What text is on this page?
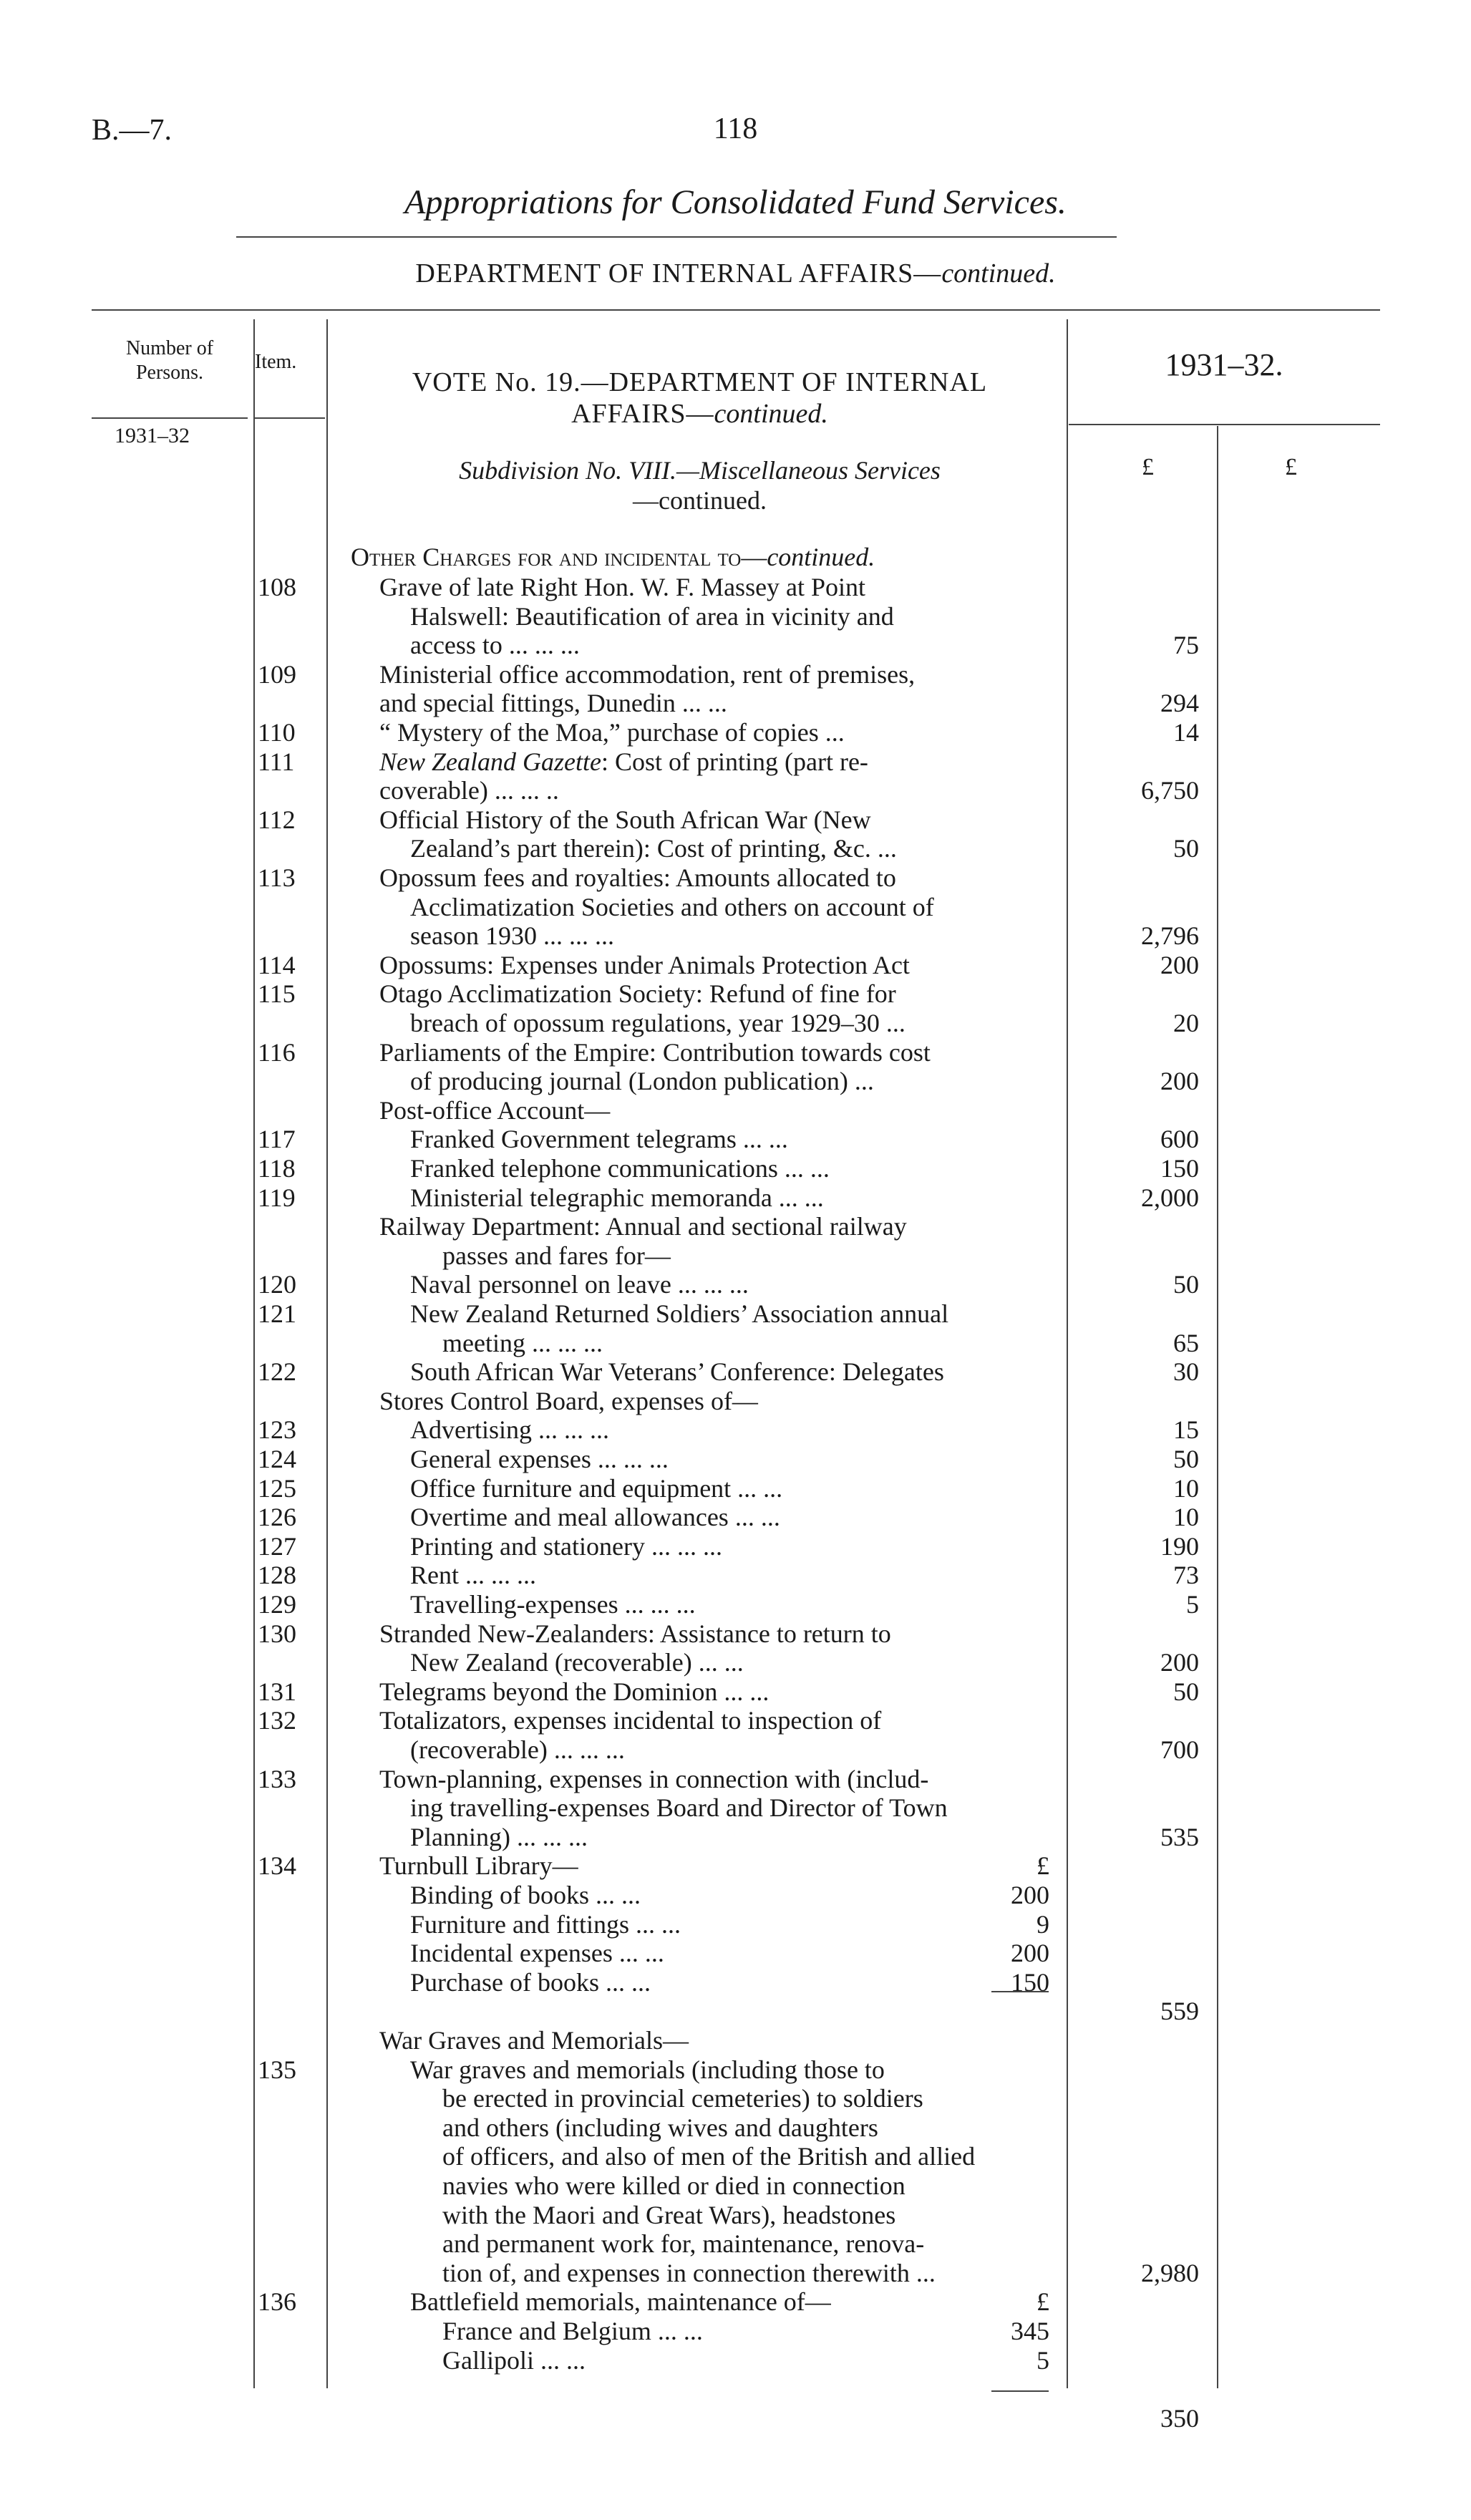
B.—7.	118
Appropriations for Consolidated Fund Services.
DEPARTMENT OF INTERNAL AFFAIRS—continued.
Number of Persons.	Item.
VOTE No. 19.—DEPARTMENT OF INTERNAL
AFFAIRS—continued.
1931–32.
1931–32
£	£
Subdivision No. VIII.—Miscellaneous Services
—continued.
Other Charges for and incidental to—continued.
108	Grave of late Right Hon. W. F. Massey at Point
Halswell: Beautification of area in vicinity and
access to ... ... ...	75
109	Ministerial office accommodation, rent of premises,
and special fittings, Dunedin ... ...	294
110	“ Mystery of the Moa,” purchase of copies ...	14
111	New Zealand Gazette: Cost of printing (part re-
coverable) ... ... ..	6,750
112	Official History of the South African War (New
Zealand’s part therein): Cost of printing, &c. ...	50
113	Opossum fees and royalties: Amounts allocated to
Acclimatization Societies and others on account of
season 1930 ... ... ...	2,796
114	Opossums: Expenses under Animals Protection Act	200
115	Otago Acclimatization Society: Refund of fine for
breach of opossum regulations, year 1929–30 ...	20
116	Parliaments of the Empire: Contribution towards cost
of producing journal (London publication) ...	200
Post-office Account—
117	Franked Government telegrams ... ...	600
118	Franked telephone communications ... ...	150
119	Ministerial telegraphic memoranda ... ...	2,000
Railway Department: Annual and sectional railway
passes and fares for—
120	Naval personnel on leave ... ... ...	50
121	New Zealand Returned Soldiers’ Association annual
meeting ... ... ...	65
122	South African War Veterans’ Conference: Delegates	30
Stores Control Board, expenses of—
123	Advertising ... ... ...	15
124	General expenses ... ... ...	50
125	Office furniture and equipment ... ...	10
126	Overtime and meal allowances ... ...	10
127	Printing and stationery ... ... ...	190
128	Rent ... ... ...	73
129	Travelling-expenses ... ... ...	5
130	Stranded New-Zealanders: Assistance to return to
New Zealand (recoverable) ... ...	200
131	Telegrams beyond the Dominion ... ...	50
132	Totalizators, expenses incidental to inspection of
(recoverable) ... ... ...	700
133	Town-planning, expenses in connection with (includ-
ing travelling-expenses Board and Director of Town
Planning) ... ... ...	535
134	Turnbull Library—	£
Binding of books ... ...	200
Furniture and fittings ... ...	9
Incidental expenses ... ...	200
Purchase of books ... ...	150
559
War Graves and Memorials—
135	War graves and memorials (including those to
be erected in provincial cemeteries) to soldiers
and others (including wives and daughters
of officers, and also of men of the British and allied
navies who were killed or died in connection
with the Maori and Great Wars), headstones
and permanent work for, maintenance, renova-
tion of, and expenses in connection therewith ...	2,980
136	Battlefield memorials, maintenance of—	£
France and Belgium ... ...	345
Gallipoli ... ...	5
350
